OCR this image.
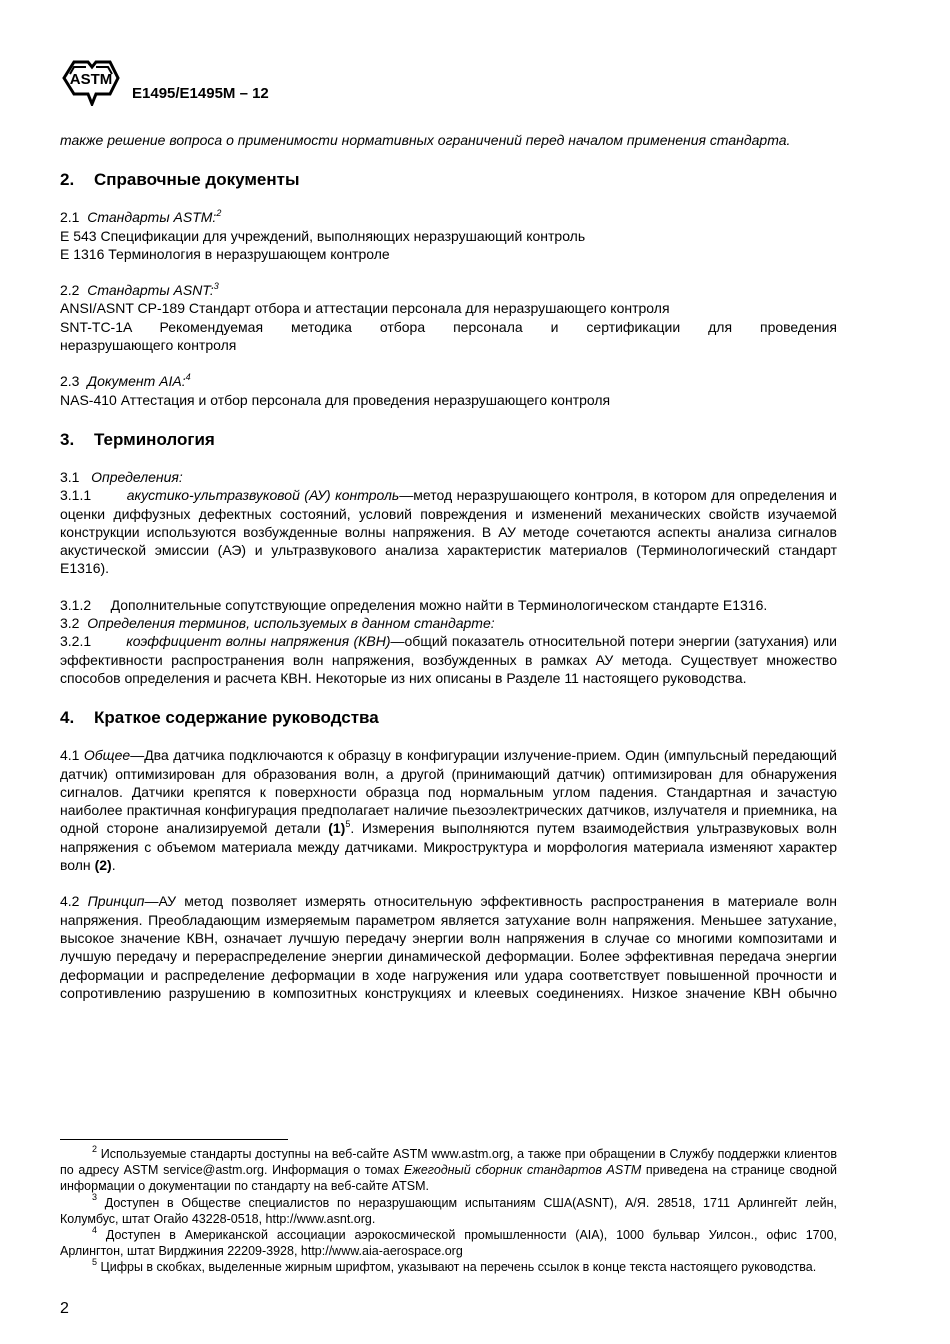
ASTM
E1495/E1495M – 12

также решение вопроса о применимости нормативных ограничений перед началом применения стандарта.

2. Справочные документы

2.1 Стандарты ASTM:$^2$

E 543 Спецификации для учреждений, выполняющих неразрушающий контроль

E 1316 Терминология в неразрушающем контроле

2.2 Стандарты ASNT:$^3$

ANSI/ASNT CP-189 Стандарт отбора и аттестации персонала для неразрушающего контроля

SNT-TC-1A Рекомендуемая методика отбора персонала и сертификации для проведения

неразрушающего контроля

2.3 Документ AIA:$^4$

NAS-410 Аттестация и отбор персонала для проведения неразрушающего контроля

3. Терминология

3.1 Определения:

3.1.1	акустико-ультразвуковой (АУ) контроль—метод неразрушающего контроля, в котором для определения и оценки диффузных дефектных состояний, условий повреждения и изменений механических свойств изучаемой конструкции используются возбужденные волны напряжения. В АУ методе сочетаются аспекты анализа сигналов акустической эмиссии (АЭ) и ультразвукового анализа характеристик материалов (Терминологический стандарт E1316).

3.1.2 Дополнительные сопутствующие определения можно найти в Терминологическом стандарте E1316.

3.2 Определения терминов, используемых в данном стандарте:

3.2.1	коэффициент волны напряжения (КВН)—общий показатель относительной потери энергии (затухания) или эффективности распространения волн напряжения, возбужденных в рамках АУ метода. Существует множество способов определения и расчета КВН. Некоторые из них описаны в Разделе 11 настоящего руководства.

4. Краткое содержание руководства

4.1 Общее—Два датчика подключаются к образцу в конфигурации излучение-прием. Один (импульсный передающий датчик) оптимизирован для образования волн, а другой (принимающий датчик) оптимизирован для обнаружения сигналов. Датчики крепятся к поверхности образца под нормальным углом падения. Стандартная и зачастую наиболее практичная конфигурация предполагает наличие пьезоэлектрических датчиков, излучателя и приемника, на одной стороне анализируемой детали $(1)^5$. Измерения выполняются путем взаимодействия ультразвуковых волн напряжения с объемом материала между датчиками. Микроструктура и морфология материала изменяют характер волн (2).

4.2 Принцип—АУ метод позволяет измерять относительную эффективность распространения в материале волн напряжения. Преобладающим измеряемым параметром является затухание волн напряжения. Меньшее затухание, высокое значение КВН, означает лучшую передачу энергии волн напряжения в случае со многими композитами и лучшую передачу и перераспределение энергии динамической деформации. Более эффективная передача энергии деформации и распределение деформации в ходе нагружения или удара соответствует повышенной прочности и сопротивлению разрушению в композитных конструкциях и клеевых соединениях. Низкое значение КВН обычно

$^2$ Используемые стандарты доступны на веб-сайте ASTM www.astm.org, а также при обращении в Службу поддержки клиентов по адресу ASTM service@astm.org. Информация о томах Ежегодный сборник стандартов ASTM приведена на странице сводной информации о документации по стандарту на веб-сайте ATSM.

$^3$ Доступен в Обществе специалистов по неразрушающим испытаниям США(ASNT), А/Я. 28518, 1711 Арлингейт лейн, Колумбус, штат Огайо 43228-0518, http://www.asnt.org.

$^4$ Доступен в Американской ассоциации аэрокосмической промышленности (AIA), 1000 бульвар Уилсон., офис 1700, Арлингтон, штат Вирджиния 22209-3928, http://www.aia-aerospace.org

$^5$ Цифры в скобках, выделенные жирным шрифтом, указывают на перечень ссылок в конце текста настоящего руководства.

2
